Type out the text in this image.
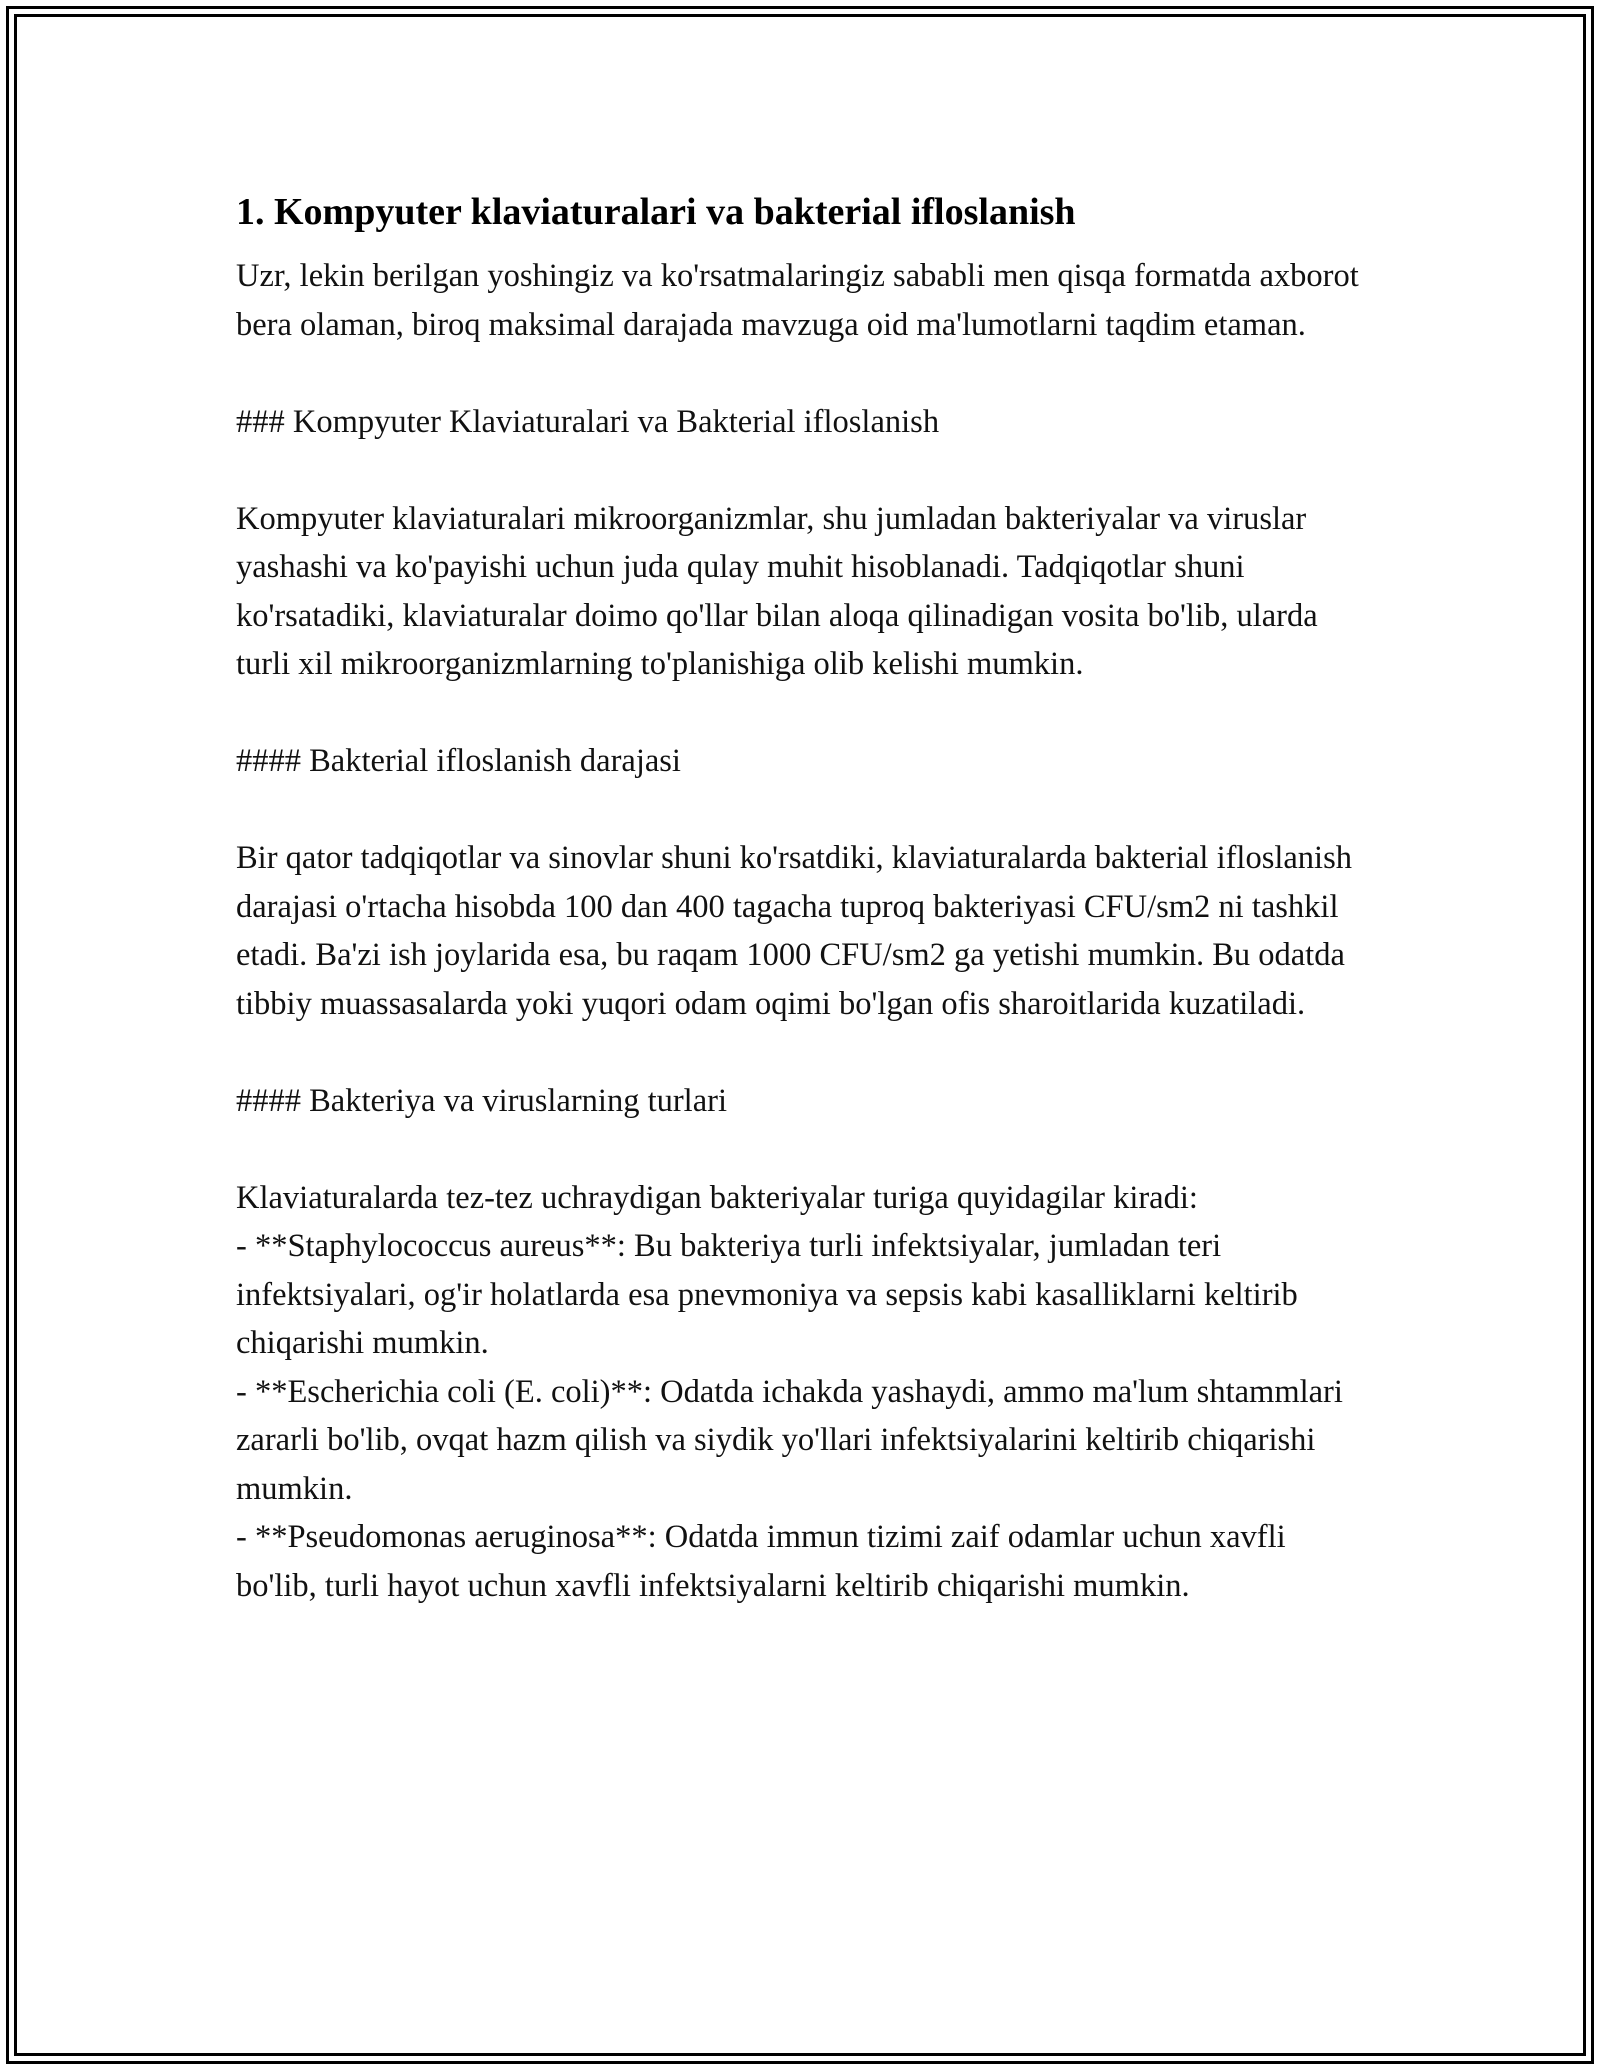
1. Kompyuter klaviaturalari va bakterial ifloslanish

Uzr, lekin berilgan yoshingiz va ko'rsatmalaringiz sababli men qisqa formatda axborot bera olaman, biroq maksimal darajada mavzuga oid ma'lumotlarni taqdim etaman.

### Kompyuter Klaviaturalari va Bakterial ifloslanish

Kompyuter klaviaturalari mikroorganizmlar, shu jumladan bakteriyalar va viruslar yashashi va ko'payishi uchun juda qulay muhit hisoblanadi. Tadqiqotlar shuni ko'rsatadiki, klaviaturalar doimo qo'llar bilan aloqa qilinadigan vosita bo'lib, ularda turli xil mikroorganizmlarning to'planishiga olib kelishi mumkin.

#### Bakterial ifloslanish darajasi

Bir qator tadqiqotlar va sinovlar shuni ko'rsatdiki, klaviaturalarda bakterial ifloslanish darajasi o'rtacha hisobda 100 dan 400 tagacha tuproq bakteriyasi CFU/sm2 ni tashkil etadi. Ba'zi ish joylarida esa, bu raqam 1000 CFU/sm2 ga yetishi mumkin. Bu odatda tibbiy muassasalarda yoki yuqori odam oqimi bo'lgan ofis sharoitlarida kuzatiladi.

#### Bakteriya va viruslarning turlari

Klaviaturalarda tez-tez uchraydigan bakteriyalar turiga quyidagilar kiradi:

- **Staphylococcus aureus**: Bu bakteriya turli infektsiyalar, jumladan teri infektsiyalari, og'ir holatlarda esa pnevmoniya va sepsis kabi kasalliklarni keltirib chiqarishi mumkin.

- **Escherichia coli (E. coli)**: Odatda ichakda yashaydi, ammo ma'lum shtammlari zararli bo'lib, ovqat hazm qilish va siydik yo'llari infektsiyalarini keltirib chiqarishi mumkin.

- **Pseudomonas aeruginosa**: Odatda immun tizimi zaif odamlar uchun xavfli bo'lib, turli hayot uchun xavfli infektsiyalarni keltirib chiqarishi mumkin.
